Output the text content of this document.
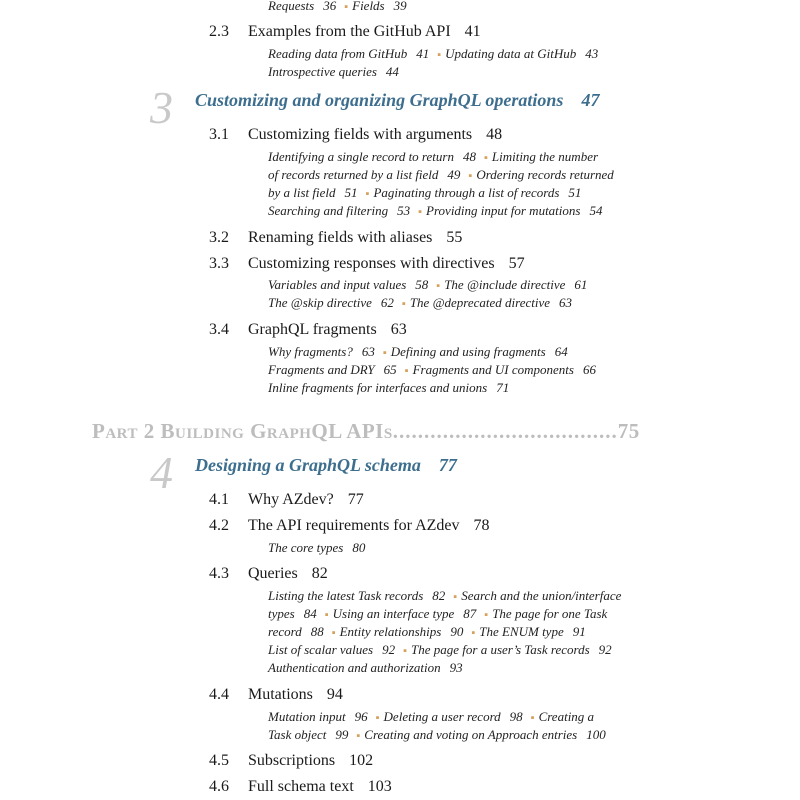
Requests 36 ▪ Fields 39
2.3 Examples from the GitHub API 41
Reading data from GitHub 41 ▪ Updating data at GitHub 43
Introspective queries 44
3 Customizing and organizing GraphQL operations 47
3.1 Customizing fields with arguments 48
Identifying a single record to return 48 ▪ Limiting the number
of records returned by a list field 49 ▪ Ordering records returned
by a list field 51 ▪ Paginating through a list of records 51
Searching and filtering 53 ▪ Providing input for mutations 54
3.2 Renaming fields with aliases 55
3.3 Customizing responses with directives 57
Variables and input values 58 ▪ The @include directive 61
The @skip directive 62 ▪ The @deprecated directive 63
3.4 GraphQL fragments 63
Why fragments? 63 ▪ Defining and using fragments 64
Fragments and DRY 65 ▪ Fragments and UI components 66
Inline fragments for interfaces and unions 71
Part 2 Building GraphQL APIs....................................75
4 Designing a GraphQL schema 77
4.1 Why AZdev? 77
4.2 The API requirements for AZdev 78
The core types 80
4.3 Queries 82
Listing the latest Task records 82 ▪ Search and the union/interface
types 84 ▪ Using an interface type 87 ▪ The page for one Task
record 88 ▪ Entity relationships 90 ▪ The ENUM type 91
List of scalar values 92 ▪ The page for a user’s Task records 92
Authentication and authorization 93
4.4 Mutations 94
Mutation input 96 ▪ Deleting a user record 98 ▪ Creating a
Task object 99 ▪ Creating and voting on Approach entries 100
4.5 Subscriptions 102
4.6 Full schema text 103
